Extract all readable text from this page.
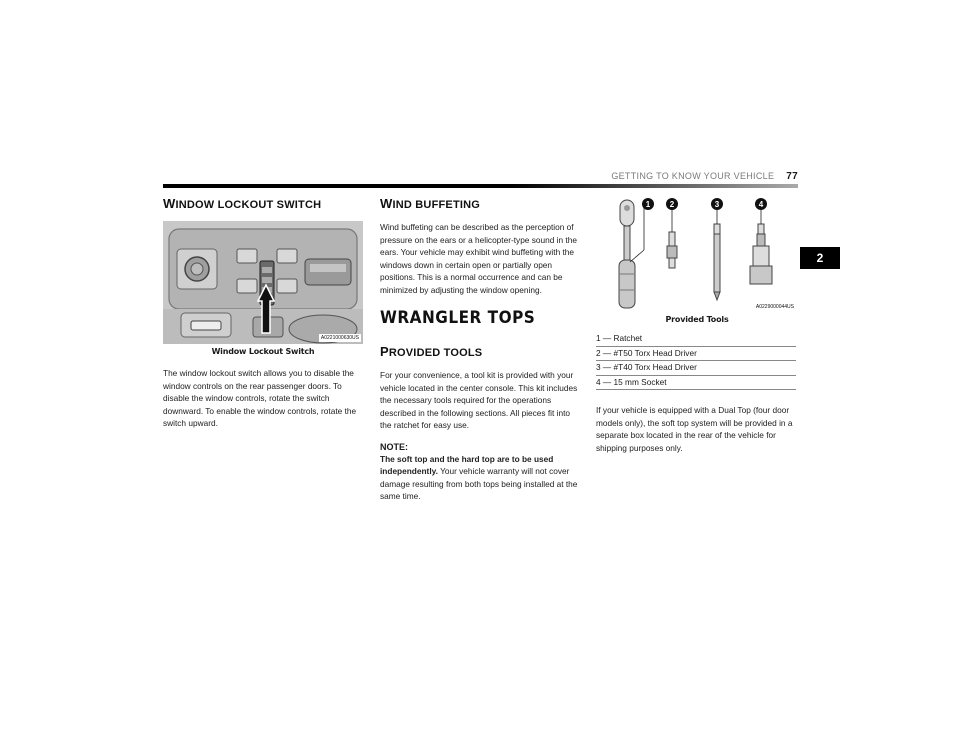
GETTING TO KNOW YOUR VEHICLE 77
2
WINDOW LOCKOUT SWITCH
A0221000630US
Window Lockout Switch

The window lockout switch allows you to disable the window controls on the rear passenger doors. To disable the window controls, rotate the switch downward. To enable the window controls, rotate the switch upward.

WIND BUFFETING

Wind buffeting can be described as the perception of pressure on the ears or a helicopter-type sound in the ears. Your vehicle may exhibit wind buffeting with the windows down in certain open or partially open positions. This is a normal occurrence and can be minimized by adjusting the window opening.

WRANGLER TOPS
PROVIDED TOOLS

For your convenience, a tool kit is provided with your vehicle located in the center console. This kit includes the necessary tools required for the operations described in the following sections. All pieces fit into the ratchet for easy use.

NOTE:

The soft top and the hard top are to be used independently. Your vehicle warranty will not cover damage resulting from both tops being installed at the same time.

1 2	3	4
A0229000044US
Provided Tools
1 — Ratchet
2 — #T50 Torx Head Driver
3 — #T40 Torx Head Driver
4 — 15 mm Socket

If your vehicle is equipped with a Dual Top (four door models only), the soft top system will be provided in a separate box located in the rear of the vehicle for shipping purposes only.
